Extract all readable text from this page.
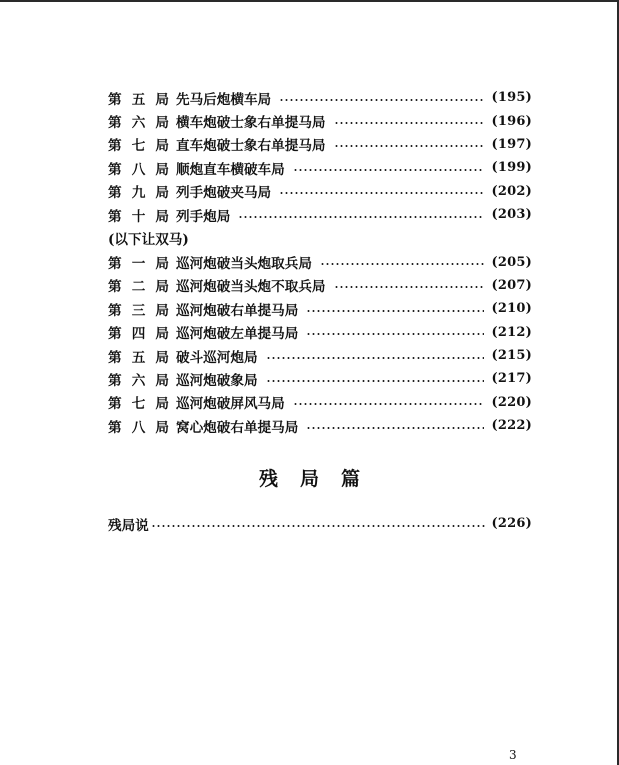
第 五 局 先马后炮横车局	(195)
第 六 局 横车炮破士象右单提马局	(196)
第 七 局 直车炮破士象右单提马局	(197)
第 八 局 顺炮直车横破车局	(199)
第 九 局 列手炮破夹马局	(202)
第 十 局 列手炮局	(203)
(以下让双马)
第 一 局 巡河炮破当头炮取兵局	(205)
第 二 局 巡河炮破当头炮不取兵局	(207)
第 三 局 巡河炮破右单提马局	(210)
第 四 局 巡河炮破左单提马局	(212)
第 五 局 破斗巡河炮局	(215)
第 六 局 巡河炮破象局	(217)
第 七 局 巡河炮破屏风马局	(220)
第 八 局 窝心炮破右单提马局	(222)
残局篇
残局说	(226)
3
